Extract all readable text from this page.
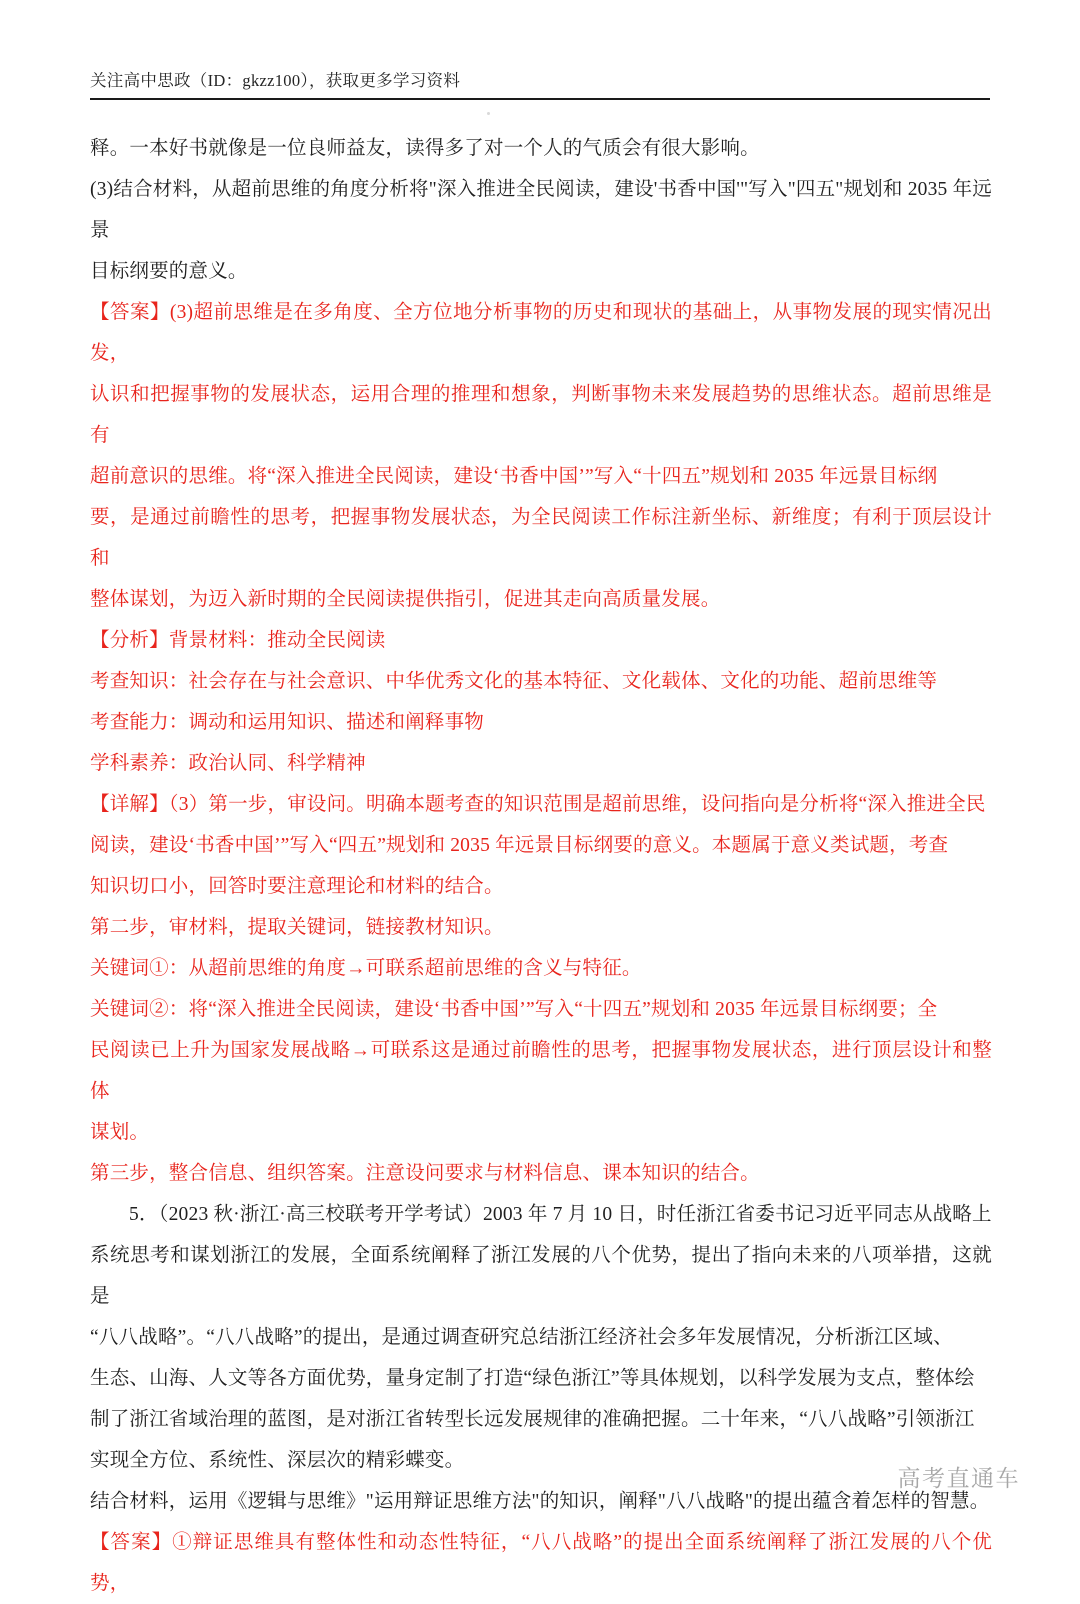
关注高中思政（ID：gkzz100），获取更多学习资料

释。一本好书就像是一位良师益友，读得多了对一个人的气质会有很大影响。

(3)结合材料，从超前思维的角度分析将"深入推进全民阅读，建设'书香中国'"写入"四五"规划和 2035 年远景

目标纲要的意义。

【答案】(3)超前思维是在多角度、全方位地分析事物的历史和现状的基础上，从事物发展的现实情况出发，

认识和把握事物的发展状态，运用合理的推理和想象，判断事物未来发展趋势的思维状态。超前思维是有

超前意识的思维。将“深入推进全民阅读，建设‘书香中国’”写入“十四五”规划和 2035 年远景目标纲

要，是通过前瞻性的思考，把握事物发展状态，为全民阅读工作标注新坐标、新维度；有利于顶层设计和

整体谋划，为迈入新时期的全民阅读提供指引，促进其走向高质量发展。

【分析】背景材料：推动全民阅读

考查知识：社会存在与社会意识、中华优秀文化的基本特征、文化载体、文化的功能、超前思维等

考查能力：调动和运用知识、描述和阐释事物

学科素养：政治认同、科学精神

【详解】（3）第一步，审设问。明确本题考查的知识范围是超前思维，设问指向是分析将“深入推进全民

阅读，建设‘书香中国’”写入“四五”规划和 2035 年远景目标纲要的意义。本题属于意义类试题，考查

知识切口小，回答时要注意理论和材料的结合。

第二步，审材料，提取关键词，链接教材知识。

关键词①：从超前思维的角度→可联系超前思维的含义与特征。

关键词②：将“深入推进全民阅读，建设‘书香中国’”写入“十四五”规划和 2035 年远景目标纲要；全

民阅读已上升为国家发展战略→可联系这是通过前瞻性的思考，把握事物发展状态，进行顶层设计和整体

谋划。

第三步，整合信息、组织答案。注意设问要求与材料信息、课本知识的结合。

5．（2023 秋·浙江·高三校联考开学考试）2003 年 7 月 10 日，时任浙江省委书记习近平同志从战略上

系统思考和谋划浙江的发展，全面系统阐释了浙江发展的八个优势，提出了指向未来的八项举措，这就是

“八八战略”。“八八战略”的提出，是通过调查研究总结浙江经济社会多年发展情况，分析浙江区域、

生态、山海、人文等各方面优势，量身定制了打造“绿色浙江”等具体规划，以科学发展为支点，整体绘

制了浙江省域治理的蓝图，是对浙江省转型长远发展规律的准确把握。二十年来，“八八战略”引领浙江

实现全方位、系统性、深层次的精彩蝶变。

结合材料，运用《逻辑与思维》"运用辩证思维方法"的知识，阐释"八八战略"的提出蕴含着怎样的智慧。

【答案】①辩证思维具有整体性和动态性特征，“八八战略”的提出全面系统阐释了浙江发展的八个优势，

高考直通车
